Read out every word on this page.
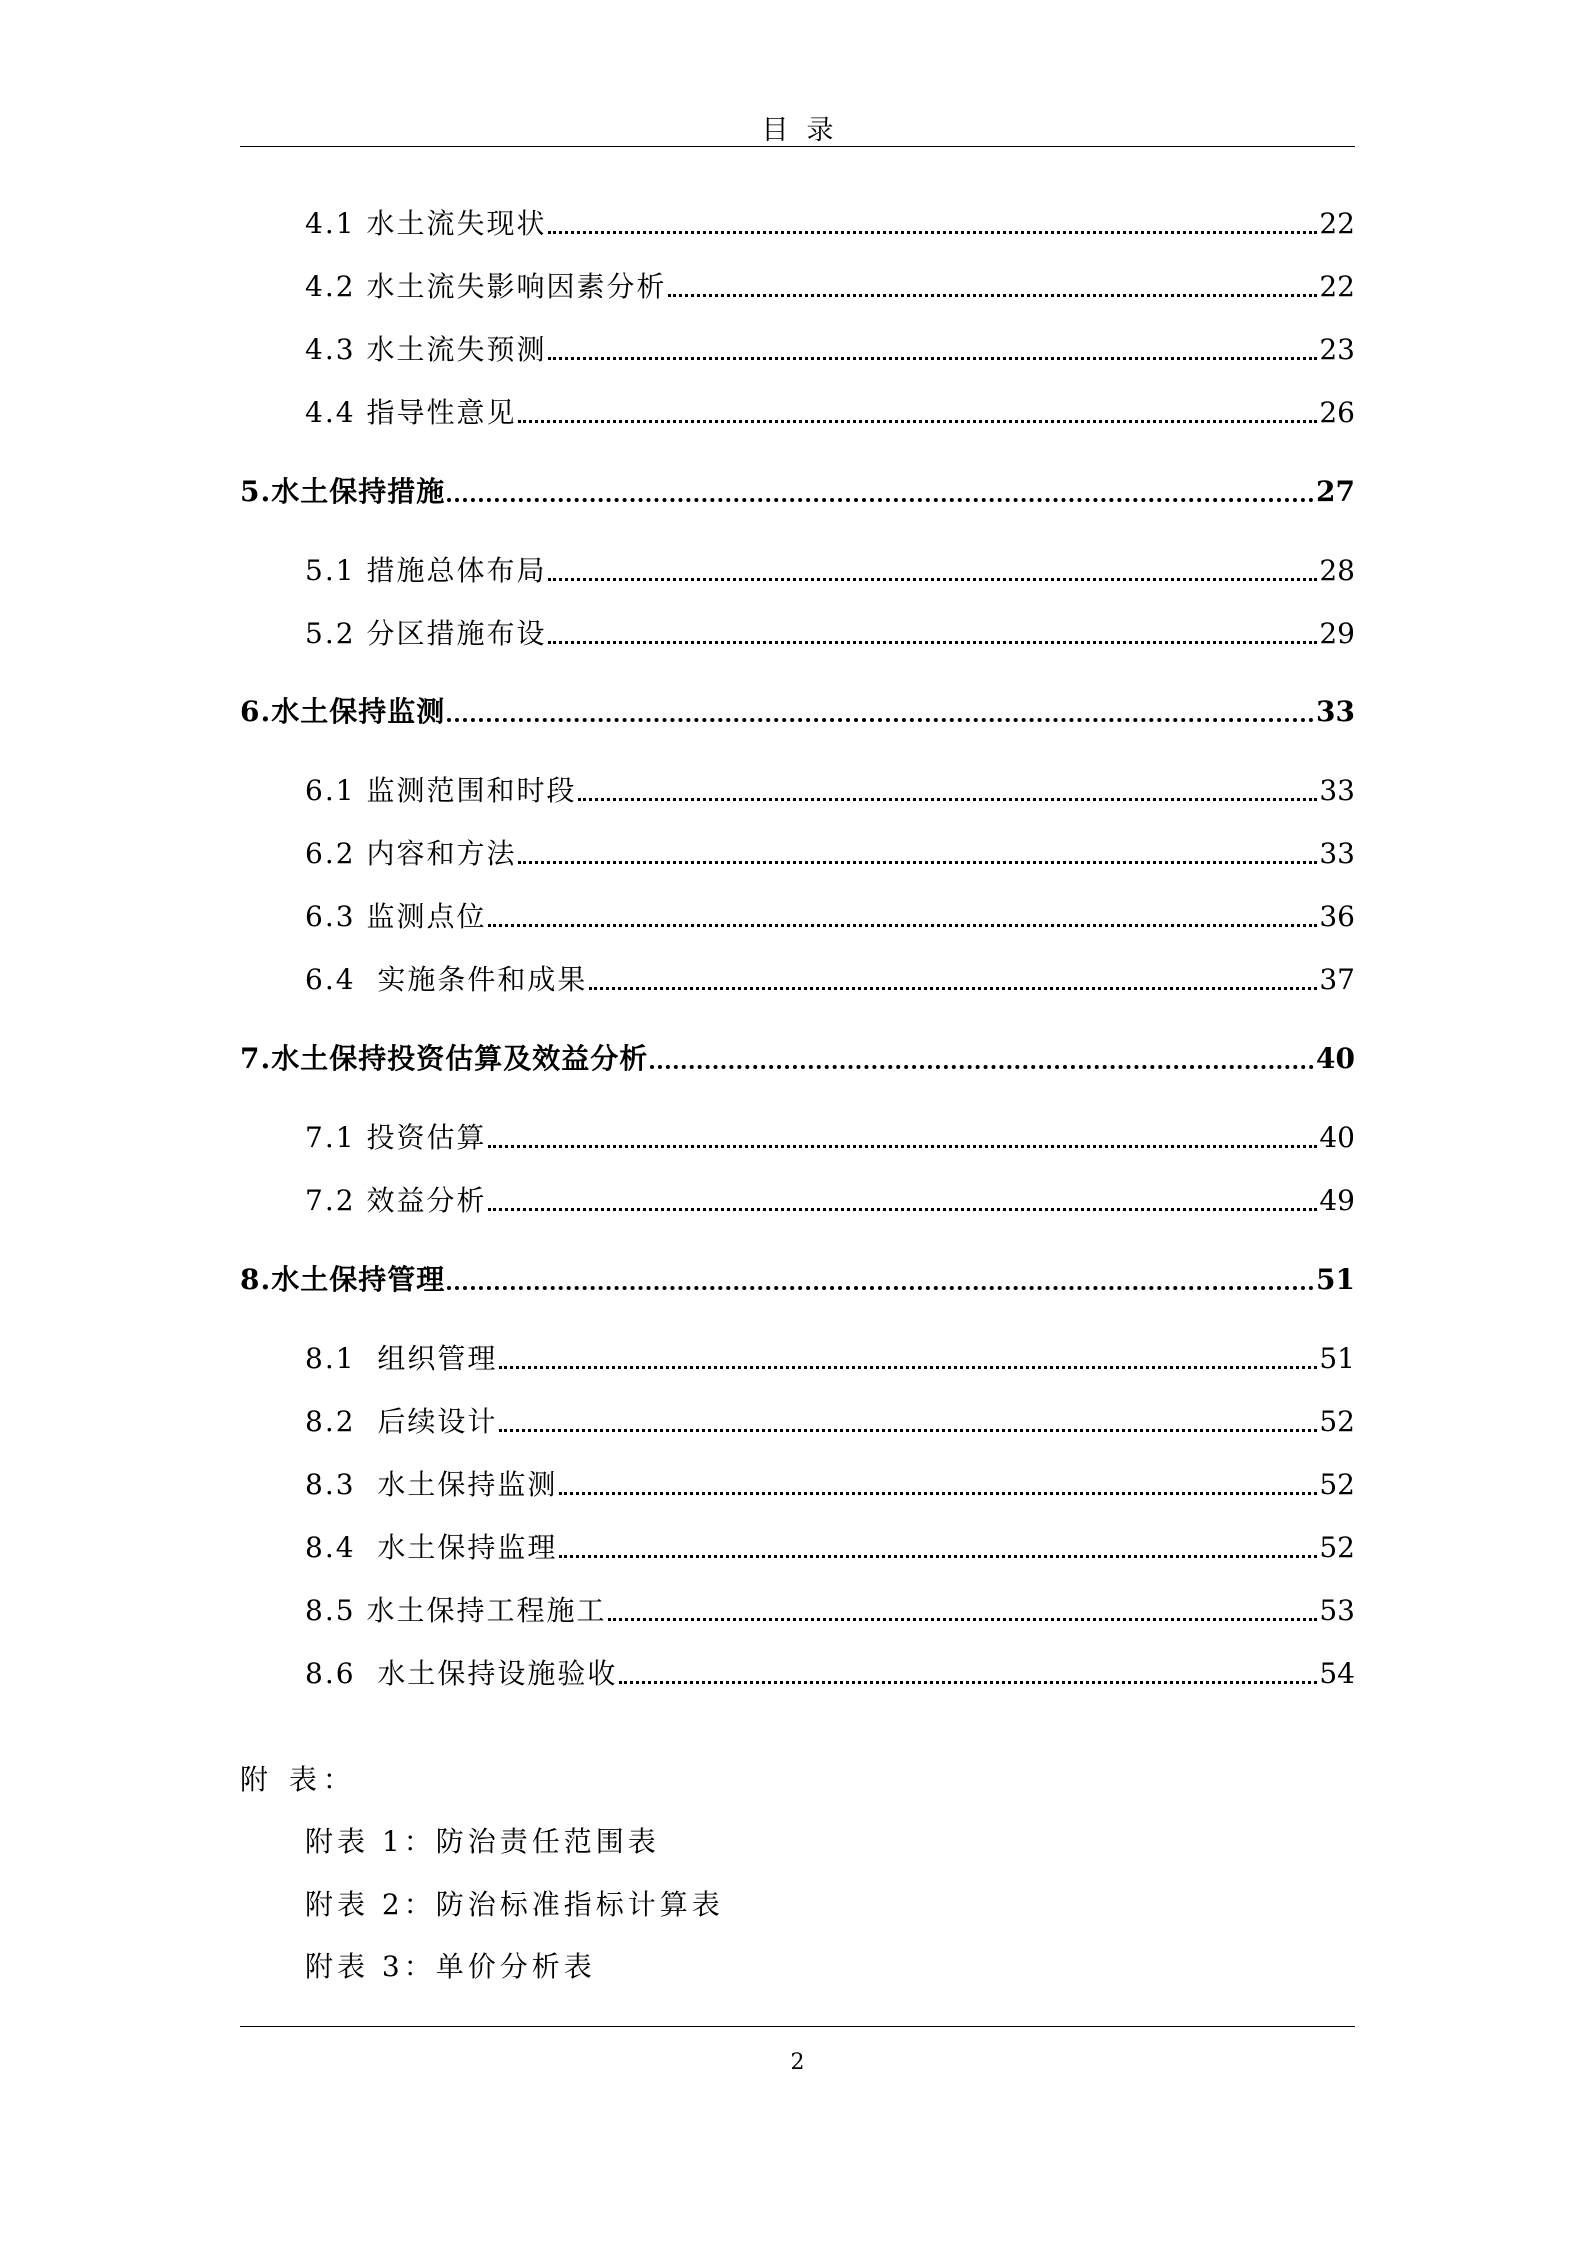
目录
4.1 水土流失现状	22
4.2 水土流失影响因素分析	22
4.3 水土流失预测	23
4.4 指导性意见	26
5.水土保持措施	27
5.1 措施总体布局	28
5.2 分区措施布设	29
6.水土保持监测	33
6.1 监测范围和时段	33
6.2 内容和方法	33
6.3 监测点位	36
6.4  实施条件和成果	37
7.水土保持投资估算及效益分析	40
7.1 投资估算	40
7.2 效益分析	49
8.水土保持管理	51
8.1  组织管理	51
8.2  后续设计	52
8.3  水土保持监测	52
8.4  水土保持监理	52
8.5 水土保持工程施工	53
8.6  水土保持设施验收	54
附 表：
附表 1：防治责任范围表
附表 2：防治标准指标计算表
附表 3：单价分析表
2
